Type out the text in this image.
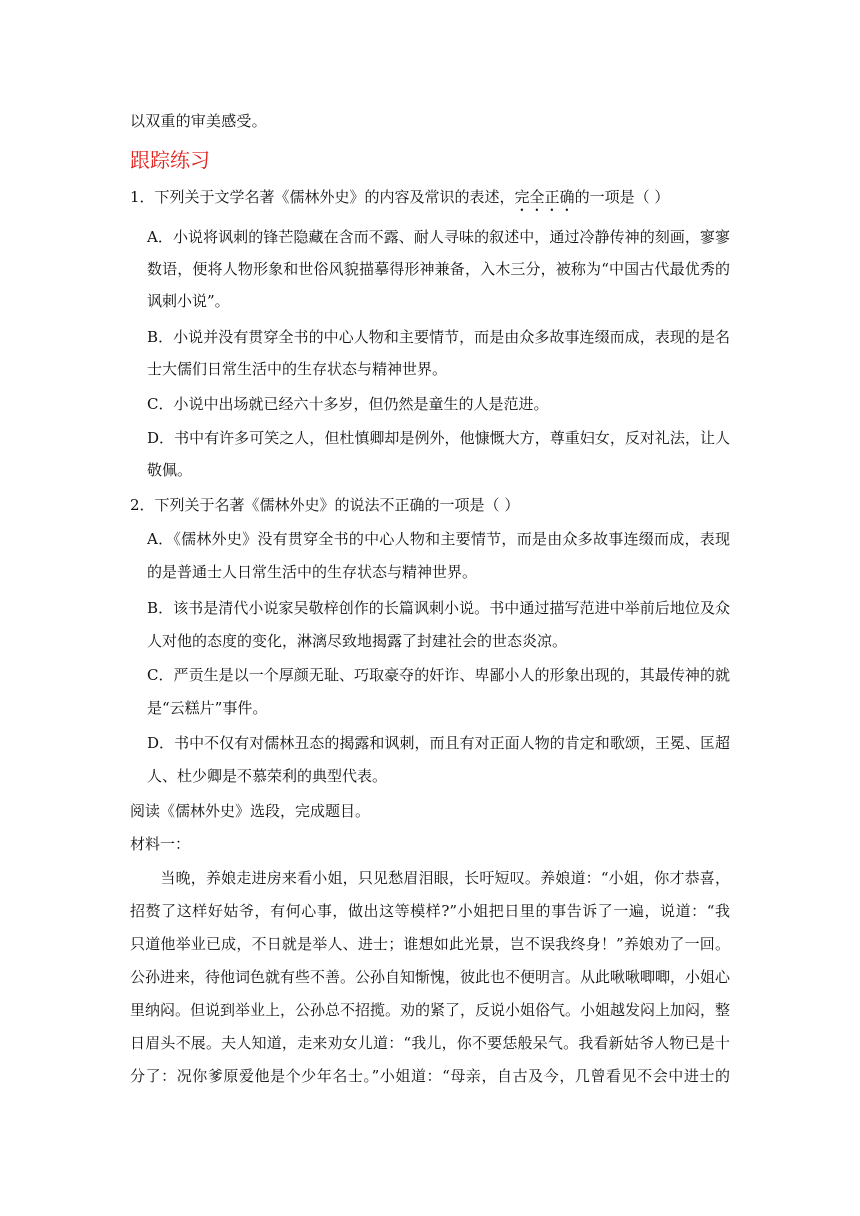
以双重的审美感受。
跟踪练习
1．下列关于文学名著《儒林外史》的内容及常识的表述，完全正确的一项是（ ）
A．小说将讽刺的锋芒隐藏在含而不露、耐人寻味的叙述中，通过冷静传神的刻画，寥寥
数语，便将人物形象和世俗风貌描摹得形神兼备，入木三分，被称为“中国古代最优秀的
讽刺小说”。
B．小说并没有贯穿全书的中心人物和主要情节，而是由众多故事连缀而成，表现的是名
士大儒们日常生活中的生存状态与精神世界。
C．小说中出场就已经六十多岁，但仍然是童生的人是范进。
D．书中有许多可笑之人，但杜慎卿却是例外，他慷慨大方，尊重妇女，反对礼法，让人
敬佩。
2．下列关于名著《儒林外史》的说法不正确的一项是（ ）
A．《儒林外史》没有贯穿全书的中心人物和主要情节，而是由众多故事连缀而成，表现
的是普通士人日常生活中的生存状态与精神世界。
B．该书是清代小说家吴敬梓创作的长篇讽刺小说。书中通过描写范进中举前后地位及众
人对他的态度的变化，淋漓尽致地揭露了封建社会的世态炎凉。
C．严贡生是以一个厚颜无耻、巧取豪夺的奸诈、卑鄙小人的形象出现的，其最传神的就
是“云糕片”事件。
D．书中不仅有对儒林丑态的揭露和讽刺，而且有对正面人物的肯定和歌颂，王冕、匡超
人、杜少卿是不慕荣利的典型代表。
阅读《儒林外史》选段，完成题目。
材料一：
　　当晚，养娘走进房来看小姐，只见愁眉泪眼，长吁短叹。养娘道：“小姐，你才恭喜，
招赘了这样好姑爷，有何心事，做出这等模样?”小姐把日里的事告诉了一遍，说道：“我
只道他举业已成，不日就是举人、进士；谁想如此光景，岂不误我终身！”养娘劝了一回。
公孙进来，待他词色就有些不善。公孙自知惭愧，彼此也不便明言。从此啾啾唧唧，小姐心
里纳闷。但说到举业上，公孙总不招揽。劝的紧了，反说小姐俗气。小姐越发闷上加闷，整
日眉头不展。夫人知道，走来劝女儿道：“我儿，你不要恁般呆气。我看新姑爷人物已是十
分了：况你爹原爱他是个少年名士。”小姐道：“母亲，自古及今，几曾看见不会中进士的
